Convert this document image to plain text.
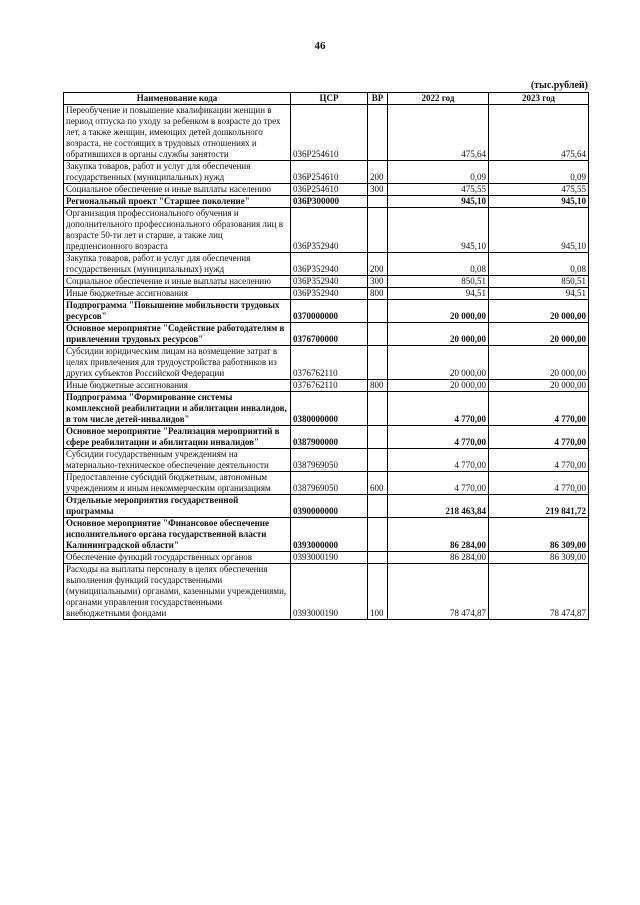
46
(тыс.рублей)
Наименование кода	ЦСР	ВР	2022 год	2023 год
Переобучение и повышение квалификации женщин в период отпуска по уходу за ребенком в возрасте до трех лет, а также женщин, имеющих детей дошкольного возраста, не состоящих в трудовых отношениях и обратившихся в органы службы занятости	036P254610		475,64	475,64
Закупка товаров, работ и услуг для обеспечения государственных (муниципальных) нужд	036P254610	200	0,09	0,09
Социальное обеспечение и иные выплаты населению	036P254610	300	475,55	475,55
Региональный проект "Старшее поколение"	036P300000		945,10	945,10
Организация профессионального обучения и дополнительного профессионального образования лиц в возрасте 50-ти лет и старше, а также лиц предпенсионного возраста	036P352940		945,10	945,10
Закупка товаров, работ и услуг для обеспечения государственных (муниципальных) нужд	036P352940	200	0,08	0,08
Социальное обеспечение и иные выплаты населению	036P352940	300	850,51	850,51
Иные бюджетные ассигнования	036P352940	800	94,51	94,51
Подпрограмма "Повышение мобильности трудовых ресурсов"	0370000000		20 000,00	20 000,00
Основное мероприятие "Содействие работодателям в привлечении трудовых ресурсов"	0376700000		20 000,00	20 000,00
Субсидии юридическим лицам на возмещение затрат в целях привлечения для трудоустройства работников из других субъектов Российской Федерации	0376762110		20 000,00	20 000,00
Иные бюджетные ассигнования	0376762110	800	20 000,00	20 000,00
Подпрограмма "Формирование системы комплексной реабилитации и абилитации инвалидов, в том числе детей-инвалидов"	0380000000		4 770,00	4 770,00
Основное мероприятие "Реализация мероприятий в сфере реабилитации и абилитации инвалидов"	0387900000		4 770,00	4 770,00
Субсидии государственным учреждениям на материально-техническое обеспечение деятельности	0387969050		4 770,00	4 770,00
Предоставление субсидий бюджетным, автономным учреждениям и иным некоммерческим организациям	0387969050	600	4 770,00	4 770,00
Отдельные мероприятия государственной программы	0390000000		218 463,84	219 841,72
Основное мероприятие "Финансовое обеспечение исполнительного органа государственной власти Калининградской области"	0393000000		86 284,00	86 309,00
Обеспечение функций государственных органов	0393000190		86 284,00	86 309,00
Расходы на выплаты персоналу в целях обеспечения выполнения функций государственными (муниципальными) органами, казенными учреждениями, органами управления государственными внебюджетными фондами	0393000190	100	78 474,87	78 474,87
